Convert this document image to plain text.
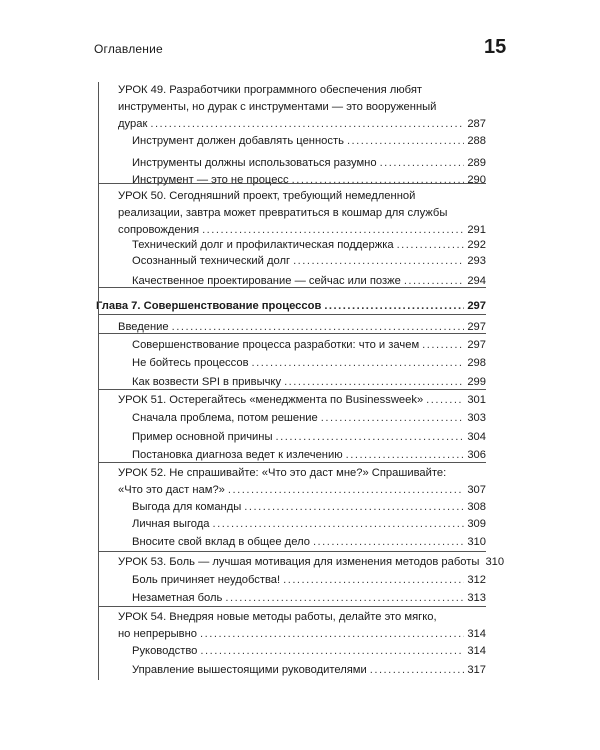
Оглавление	15
УРОК 49. Разработчики программного обеспечения любят
инструменты, но дурак с инструментами — это вооруженный
дурак .....	287
Инструмент должен добавлять ценность .....	288
Инструменты должны использоваться разумно .....	289
Инструмент — это не процесс .....	290
УРОК 50. Сегодняшний проект, требующий немедленной
реализации, завтра может превратиться в кошмар для службы
сопровождения .....	291
Технический долг и профилактическая поддержка .....	292
Осознанный технический долг .....	293
Качественное проектирование — сейчас или позже .....	294
Глава 7. Совершенствование процессов .....	297
Введение .....	297
Совершенствование процесса разработки: что и зачем .....	297
Не бойтесь процессов .....	298
Как возвести SPI в привычку .....	299
УРОК 51. Остерегайтесь «менеджмента по Businessweek» .....	301
Сначала проблема, потом решение .....	303
Пример основной причины .....	304
Постановка диагноза ведет к излечению .....	306
УРОК 52. Не спрашивайте: «Что это даст мне?» Спрашивайте:
«Что это даст нам?» .....	307
Выгода для команды .....	308
Личная выгода .....	309
Вносите свой вклад в общее дело .....	310
УРОК 53. Боль — лучшая мотивация для изменения методов работы 310
Боль причиняет неудобства! .....	312
Незаметная боль .....	313
УРОК 54. Внедряя новые методы работы, делайте это мягко,
но непрерывно .....	314
Руководство .....	314
Управление вышестоящими руководителями .....	317
